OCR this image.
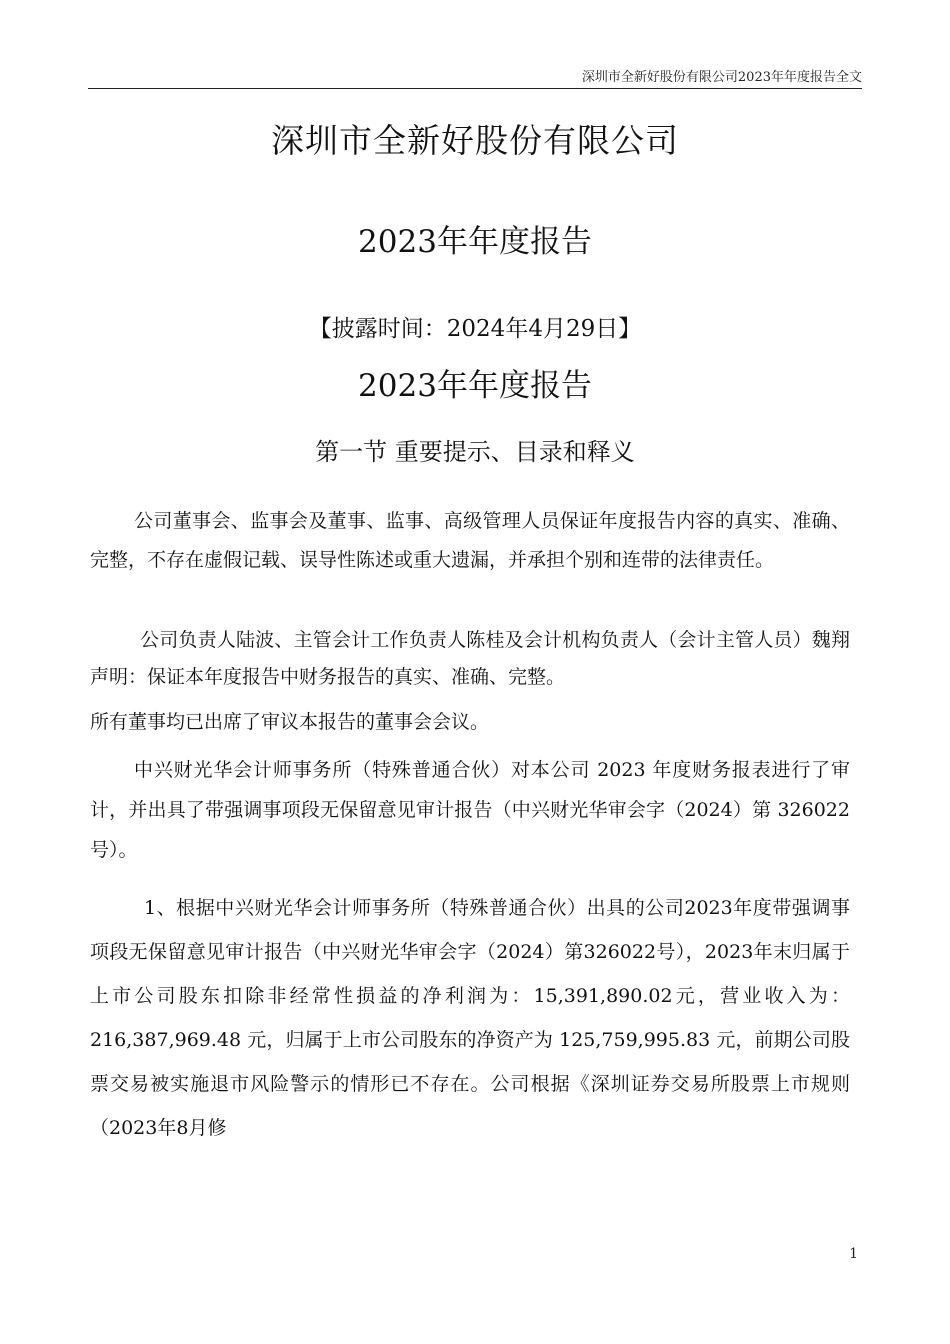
深圳市全新好股份有限公司2023年年度报告全文
深圳市全新好股份有限公司
2023年年度报告
【披露时间：2024年4月29日】
2023年年度报告
第一节 重要提示、目录和释义
公司董事会、监事会及董事、监事、高级管理人员保证年度报告内容的真实、准确、完整，不存在虚假记载、误导性陈述或重大遗漏，并承担个别和连带的法律责任。
公司负责人陆波、主管会计工作负责人陈桂及会计机构负责人（会计主管人员）魏翔声明：保证本年度报告中财务报告的真实、准确、完整。
所有董事均已出席了审议本报告的董事会会议。
中兴财光华会计师事务所（特殊普通合伙）对本公司 2023 年度财务报表进行了审计，并出具了带强调事项段无保留意见审计报告（中兴财光华审会字（2024）第 326022 号）。
1、根据中兴财光华会计师事务所（特殊普通合伙）出具的公司2023年度带强调事项段无保留意见审计报告（中兴财光华审会字（2024）第326022号），2023年末归属于上市公司股东扣除非经常性损益的净利润为：15,391,890.02元，营业收入为：216,387,969.48 元，归属于上市公司股东的净资产为 125,759,995.83 元，前期公司股票交易被实施退市风险警示的情形已不存在。公司根据《深圳证券交易所股票上市规则（2023年8月修
1
